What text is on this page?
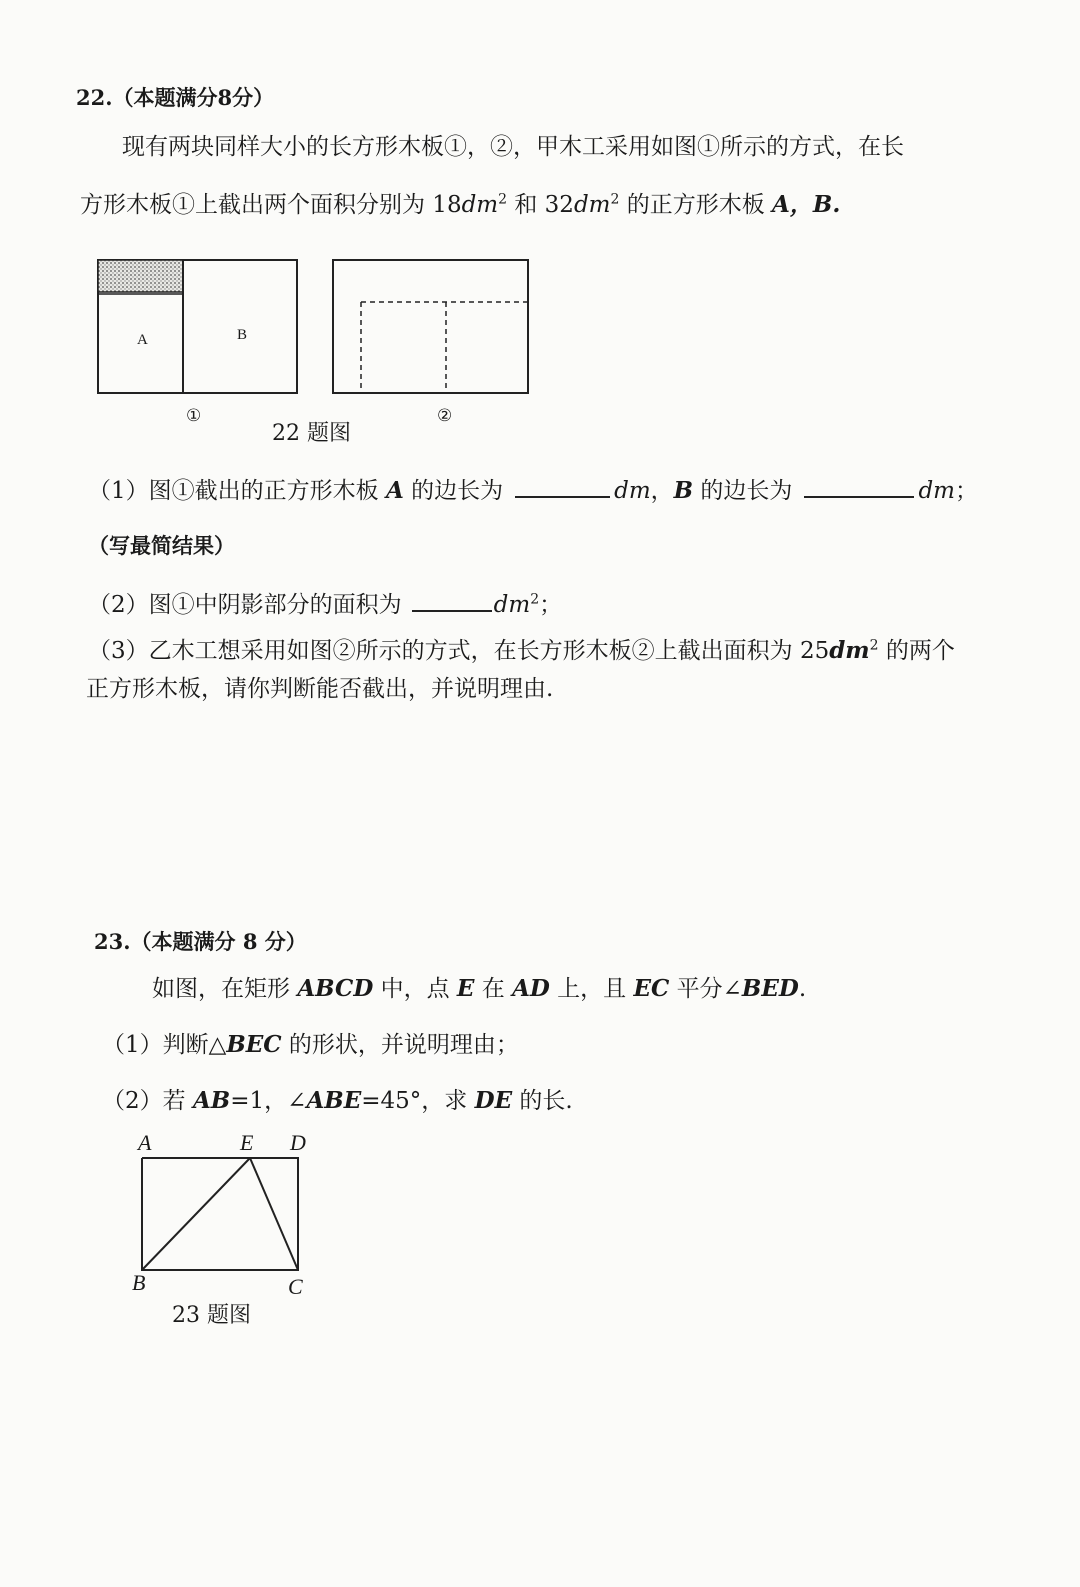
22.（本题满分8分）
现有两块同样大小的长方形木板①，②，甲木工采用如图①所示的方式，在长
方形木板①上截出两个面积分别为 $18dm^2$ 和 $32dm^2$ 的正方形木板 A，B.
A	B
①	②
22 题图
（1）图①截出的正方形木板 A 的边长为	dm，B 的边长为	dm；
（写最简结果）
（2）图①中阴影部分的面积为	$dm^2$；
（3）乙木工想采用如图②所示的方式，在长方形木板②上截出面积为 $25dm^2$ 的两个
正方形木板，请你判断能否截出，并说明理由.
23.（本题满分 8 分）
如图，在矩形 ABCD 中，点 E 在 AD 上，且 EC 平分∠BED.
（1）判断△BEC 的形状，并说明理由；
（2）若 AB=1，∠ABE=45°，求 DE 的长.
A	E D
B	C
23 题图
